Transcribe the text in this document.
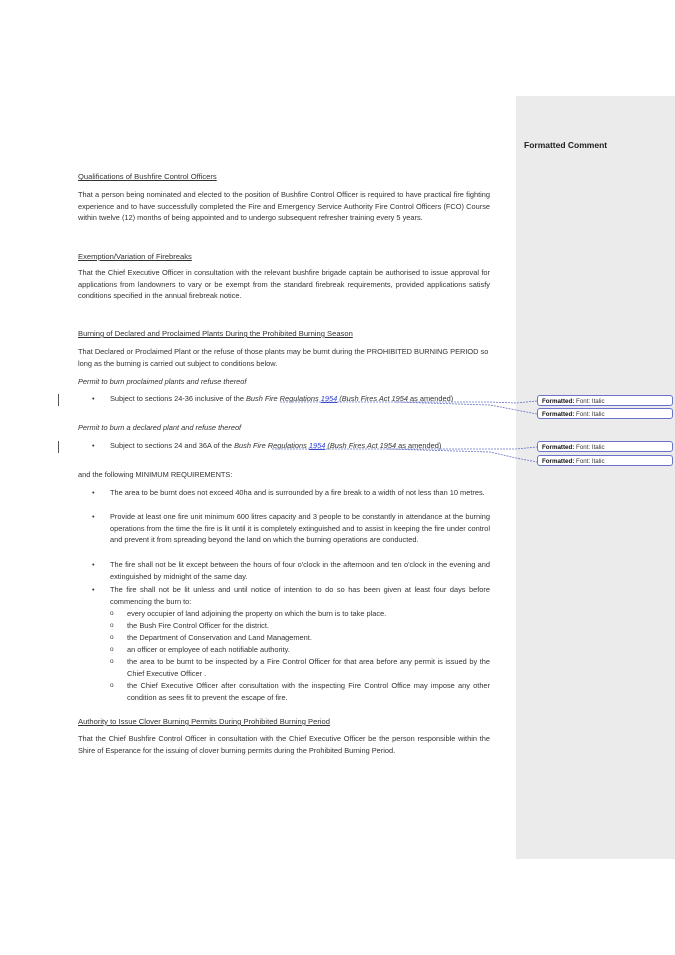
Qualifications of Bushfire Control Officers
That a person being nominated and elected to the position of Bushfire Control Officer is required to have practical fire fighting experience and to have successfully completed the Fire and Emergency Service Authority Fire Control Officers (FCO) Course within twelve (12) months of being appointed and to undergo subsequent refresher training every 5 years.
Exemption/Variation of Firebreaks
That the Chief Executive Officer in consultation with the relevant bushfire brigade captain be authorised to issue approval for applications from landowners to vary or be exempt from the standard firebreak requirements, provided applications satisfy conditions specified in the annual firebreak notice.
Burning of Declared and Proclaimed Plants During the Prohibited Burning Season
That Declared or Proclaimed Plant or the refuse of those plants may be burnt during the PROHIBITED BURNING PERIOD so long as the burning is carried out subject to conditions below.
Permit to burn proclaimed plants and refuse thereof
• Subject to sections 24-36 inclusive of the Bush Fire Regulations 1954 (Bush Fires Act 1954 as amended)
Permit to burn a declared plant and refuse thereof
• Subject to sections 24 and 36A of the Bush Fire Regulations 1954 (Bush Fires Act 1954 as amended)
and the following MINIMUM REQUIREMENTS:
• The area to be burnt does not exceed 40ha and is surrounded by a fire break to a width of not less than 10 metres.
• Provide at least one fire unit minimum 600 litres capacity and 3 people to be constantly in attendance at the burning operations from the time the fire is lit until it is completely extinguished and to assist in keeping the fire under control and prevent it from spreading beyond the land on which the burning operations are conducted.
• The fire shall not be lit except between the hours of four o'clock in the afternoon and ten o'clock in the evening and extinguished by midnight of the same day.
• The fire shall not be lit unless and until notice of intention to do so has been given at least four days before commencing the burn to:
o every occupier of land adjoining the property on which the burn is to take place.
o the Bush Fire Control Officer for the district.
o the Department of Conservation and Land Management.
o an officer or employee of each notifiable authority.
o the area to be burnt to be inspected by a Fire Control Officer for that area before any permit is issued by the Chief Executive Officer .
o the Chief Executive Officer after consultation with the inspecting Fire Control Office may impose any other condition as sees fit to prevent the escape of fire.
Authority to Issue Clover Burning Permits During Prohibited Burning Period
That the Chief Bushfire Control Officer in consultation with the Chief Executive Officer be the person responsible within the Shire of Esperance for the issuing of clover burning permits during the Prohibited Burning Period.
Formatted: Font: Italic
Formatted: Font: Italic
Formatted: Font: Italic
Formatted: Font: Italic
Formatted Comment
